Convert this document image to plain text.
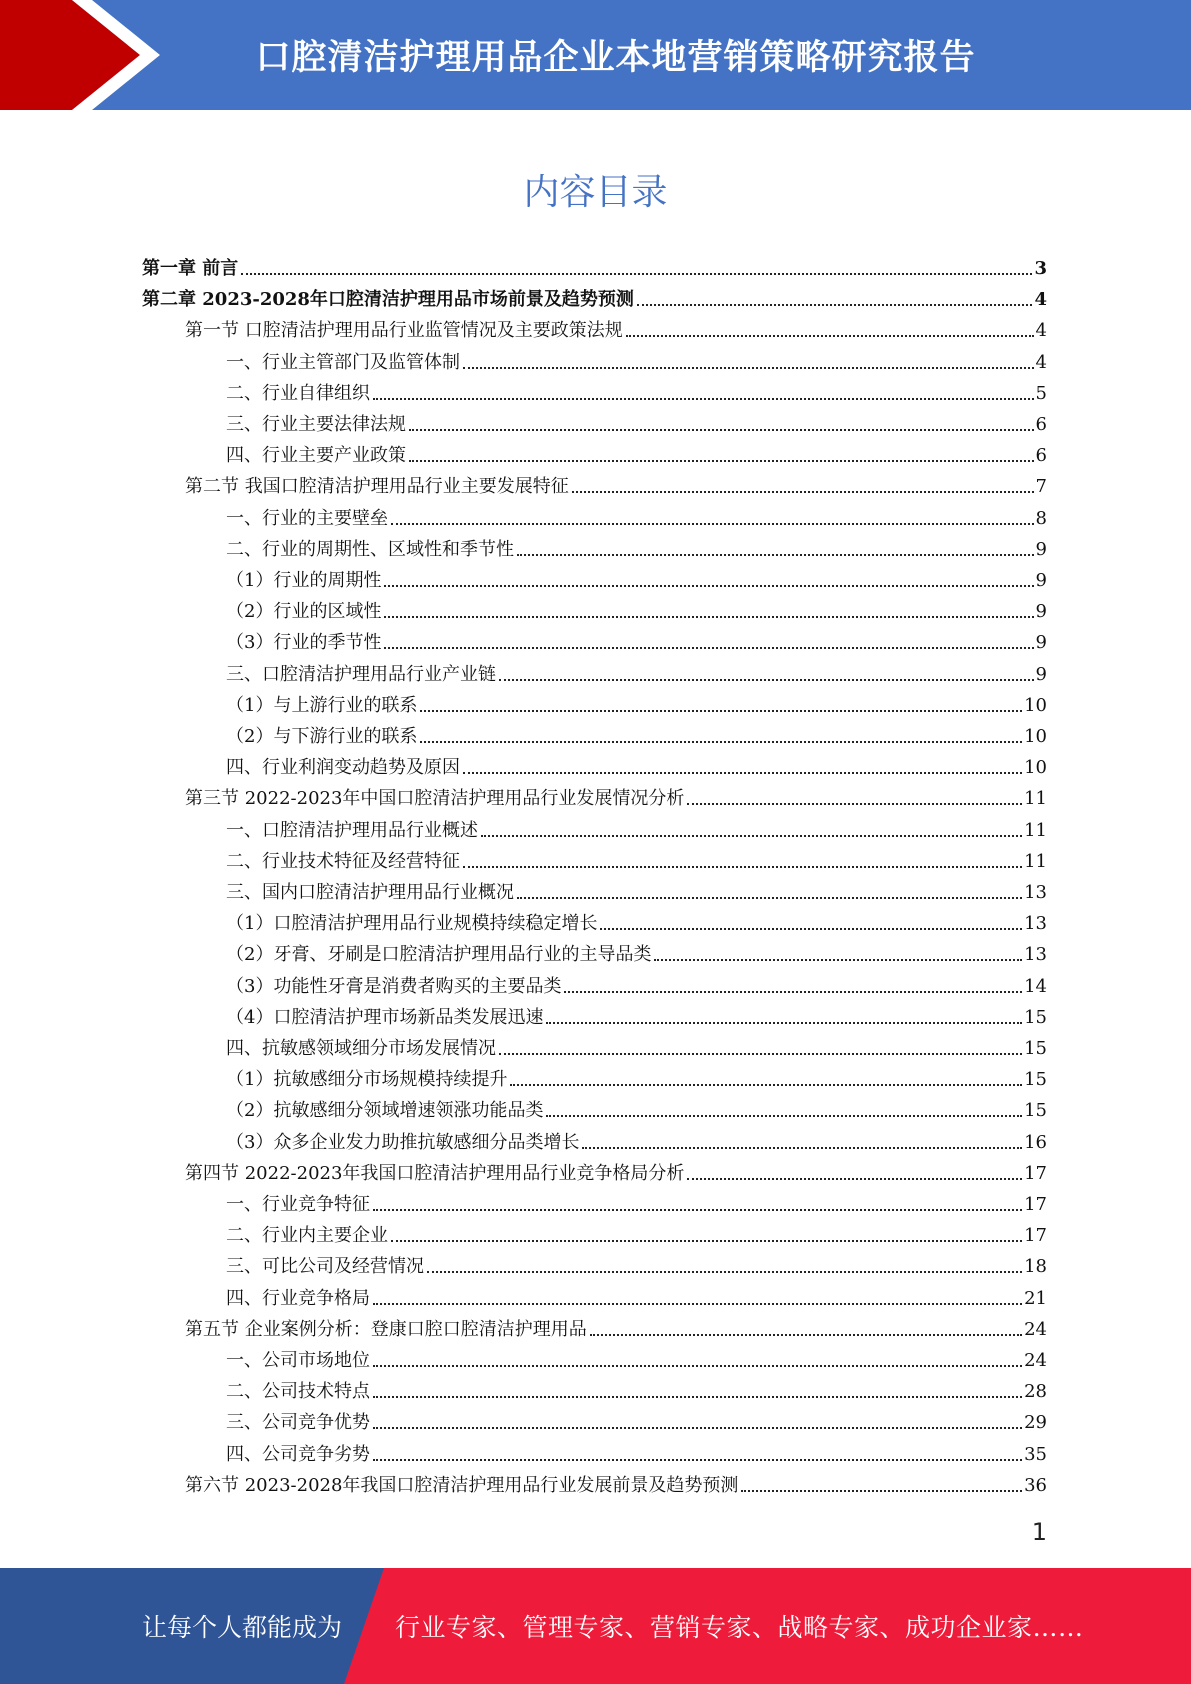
口腔清洁护理用品企业本地营销策略研究报告
内容目录
第一章 前言	3
第二章 2023-2028年口腔清洁护理用品市场前景及趋势预测	4
第一节 口腔清洁护理用品行业监管情况及主要政策法规	4
一、行业主管部门及监管体制	4
二、行业自律组织	5
三、行业主要法律法规	6
四、行业主要产业政策	6
第二节 我国口腔清洁护理用品行业主要发展特征	7
一、行业的主要壁垒	8
二、行业的周期性、区域性和季节性	9
（1）行业的周期性	9
（2）行业的区域性	9
（3）行业的季节性	9
三、口腔清洁护理用品行业产业链	9
（1）与上游行业的联系	10
（2）与下游行业的联系	10
四、行业利润变动趋势及原因	10
第三节 2022-2023年中国口腔清洁护理用品行业发展情况分析	11
一、口腔清洁护理用品行业概述	11
二、行业技术特征及经营特征	11
三、国内口腔清洁护理用品行业概况	13
（1）口腔清洁护理用品行业规模持续稳定增长	13
（2）牙膏、牙刷是口腔清洁护理用品行业的主导品类	13
（3）功能性牙膏是消费者购买的主要品类	14
（4）口腔清洁护理市场新品类发展迅速	15
四、抗敏感领域细分市场发展情况	15
（1）抗敏感细分市场规模持续提升	15
（2）抗敏感细分领域增速领涨功能品类	15
（3）众多企业发力助推抗敏感细分品类增长	16
第四节 2022-2023年我国口腔清洁护理用品行业竞争格局分析	17
一、行业竞争特征	17
二、行业内主要企业	17
三、可比公司及经营情况	18
四、行业竞争格局	21
第五节 企业案例分析：登康口腔口腔清洁护理用品	24
一、公司市场地位	24
二、公司技术特点	28
三、公司竞争优势	29
四、公司竞争劣势	35
第六节 2023-2028年我国口腔清洁护理用品行业发展前景及趋势预测	36
1
让每个人都能成为	行业专家、管理专家、营销专家、战略专家、成功企业家……
